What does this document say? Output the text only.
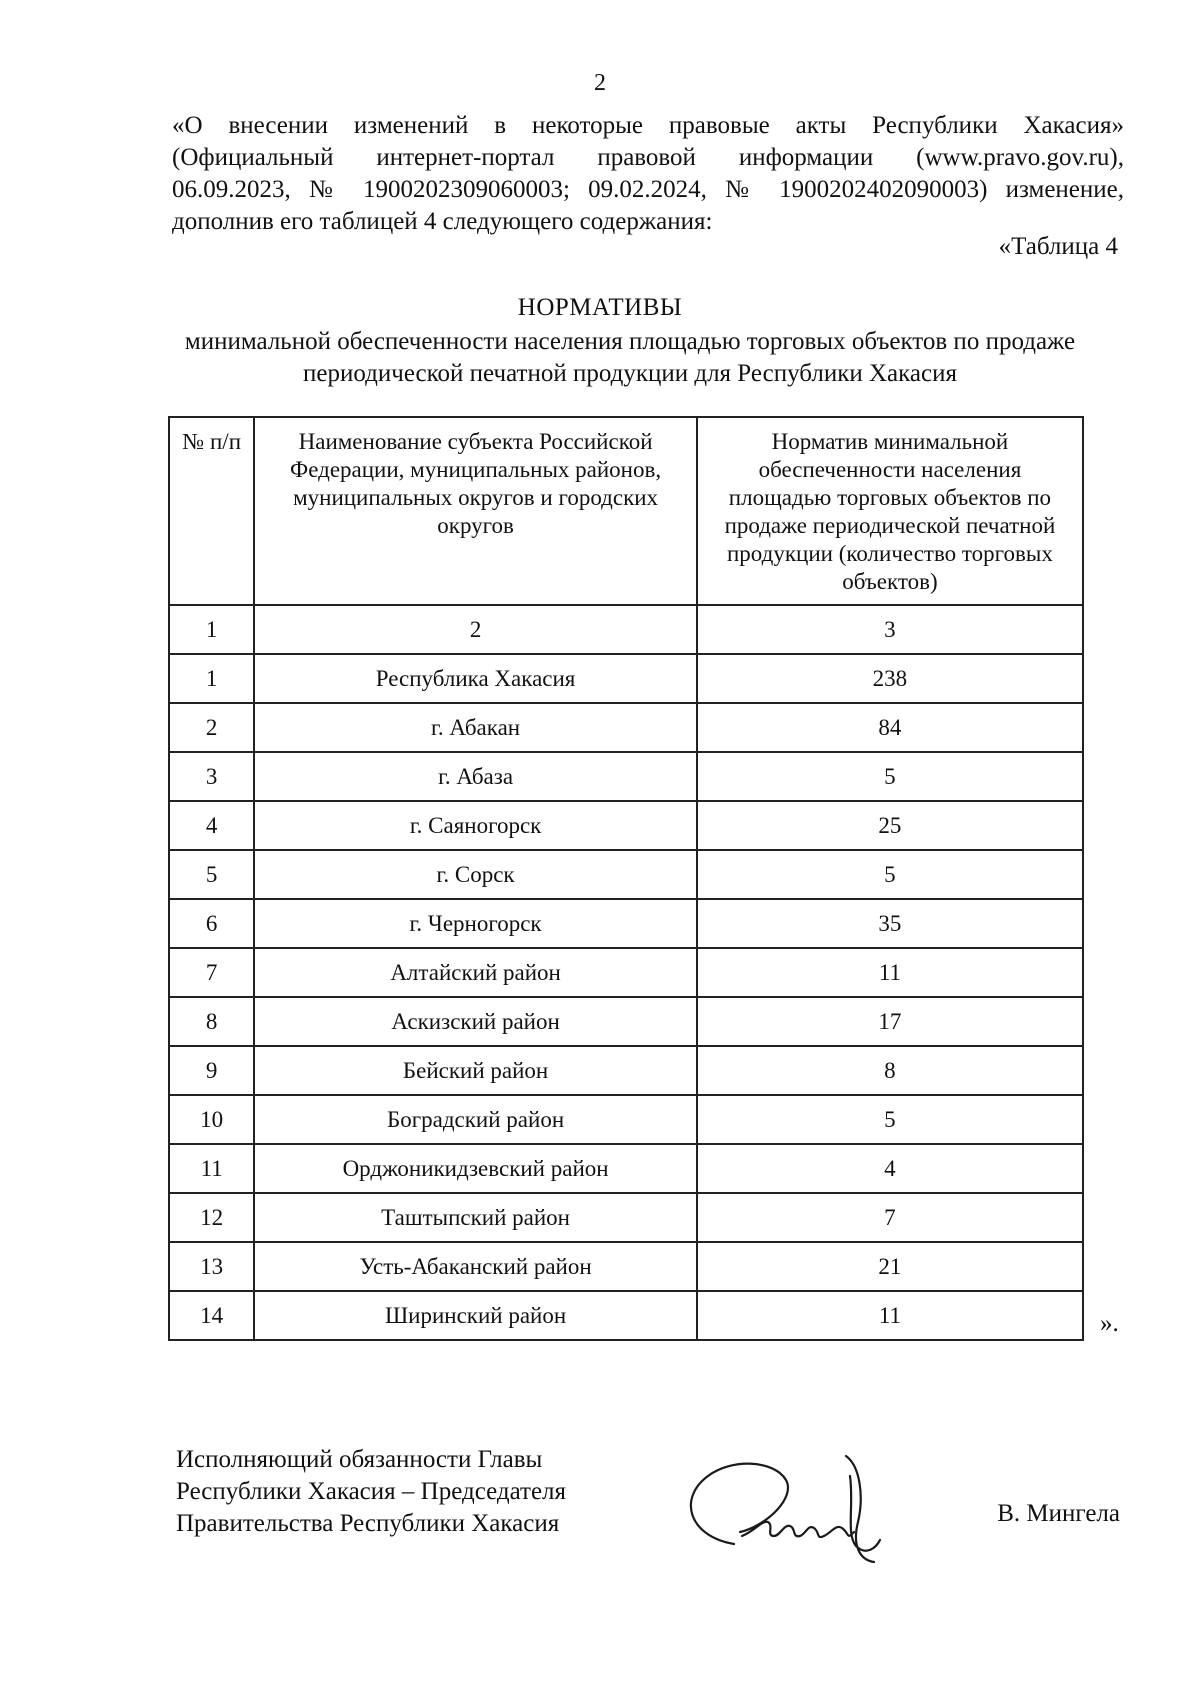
2

«О внесении изменений в некоторые правовые акты Республики Хакасия»

(Официальный интернет-портал правовой информации (www.pravo.gov.ru),

06.09.2023, № 1900202309060003; 09.02.2024, № 1900202402090003) изменение,

дополнив его таблицей 4 следующего содержания:

«Таблица 4
НОРМАТИВЫ
минимальной обеспеченности населения площадью торговых объектов по продаже
периодической печатной продукции для Республики Хакасия
№ п/п	Наименование субъекта Российской Федерации, муниципальных районов, муниципальных округов и городских округов	Норматив минимальной обеспеченности населения площадью торговых объектов по продаже периодической печатной продукции (количество торговых объектов)
1	2	3
1	Республика Хакасия	238
2	г. Абакан	84
3	г. Абаза	5
4	г. Саяногорск	25
5	г. Сорск	5
6	г. Черногорск	35
7	Алтайский район	11
8	Аскизский район	17
9	Бейский район	8
10	Боградский район	5
11	Орджоникидзевский район	4
12	Таштыпский район	7
13	Усть-Абаканский район	21
14	Ширинский район	11	».
Исполняющий обязанности Главы
Республики Хакасия – Председателя
Правительства Республики Хакасия	В. Мингела
